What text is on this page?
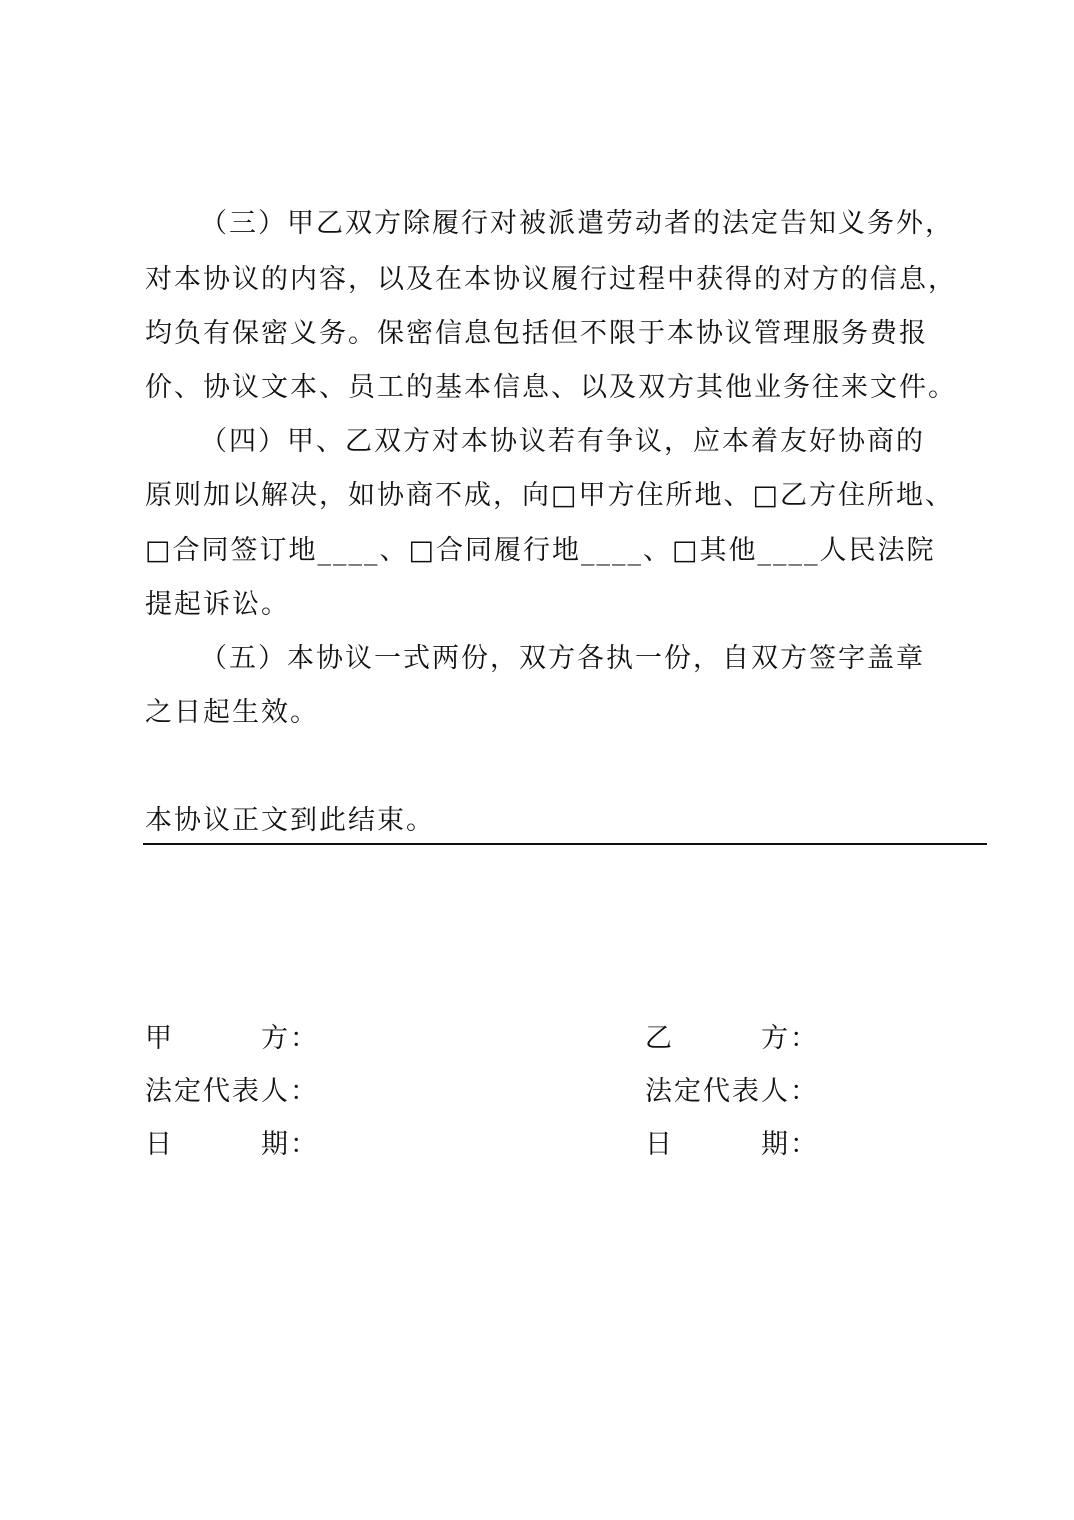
（三）甲乙双方除履行对被派遣劳动者的法定告知义务外，
对本协议的内容，以及在本协议履行过程中获得的对方的信息，
均负有保密义务。保密信息包括但不限于本协议管理服务费报
价、协议文本、员工的基本信息、以及双方其他业务往来文件。
（四）甲、乙双方对本协议若有争议，应本着友好协商的
原则加以解决，如协商不成，向□甲方住所地、□乙方住所地、
□合同签订地____、□合同履行地____、□其他____人民法院
提起诉讼。
（五）本协议一式两份，双方各执一份，自双方签字盖章
之日起生效。
本协议正文到此结束。
甲　　　方：
法定代表人：
日　　　期：
乙　　　方：
法定代表人：
日　　　期：
